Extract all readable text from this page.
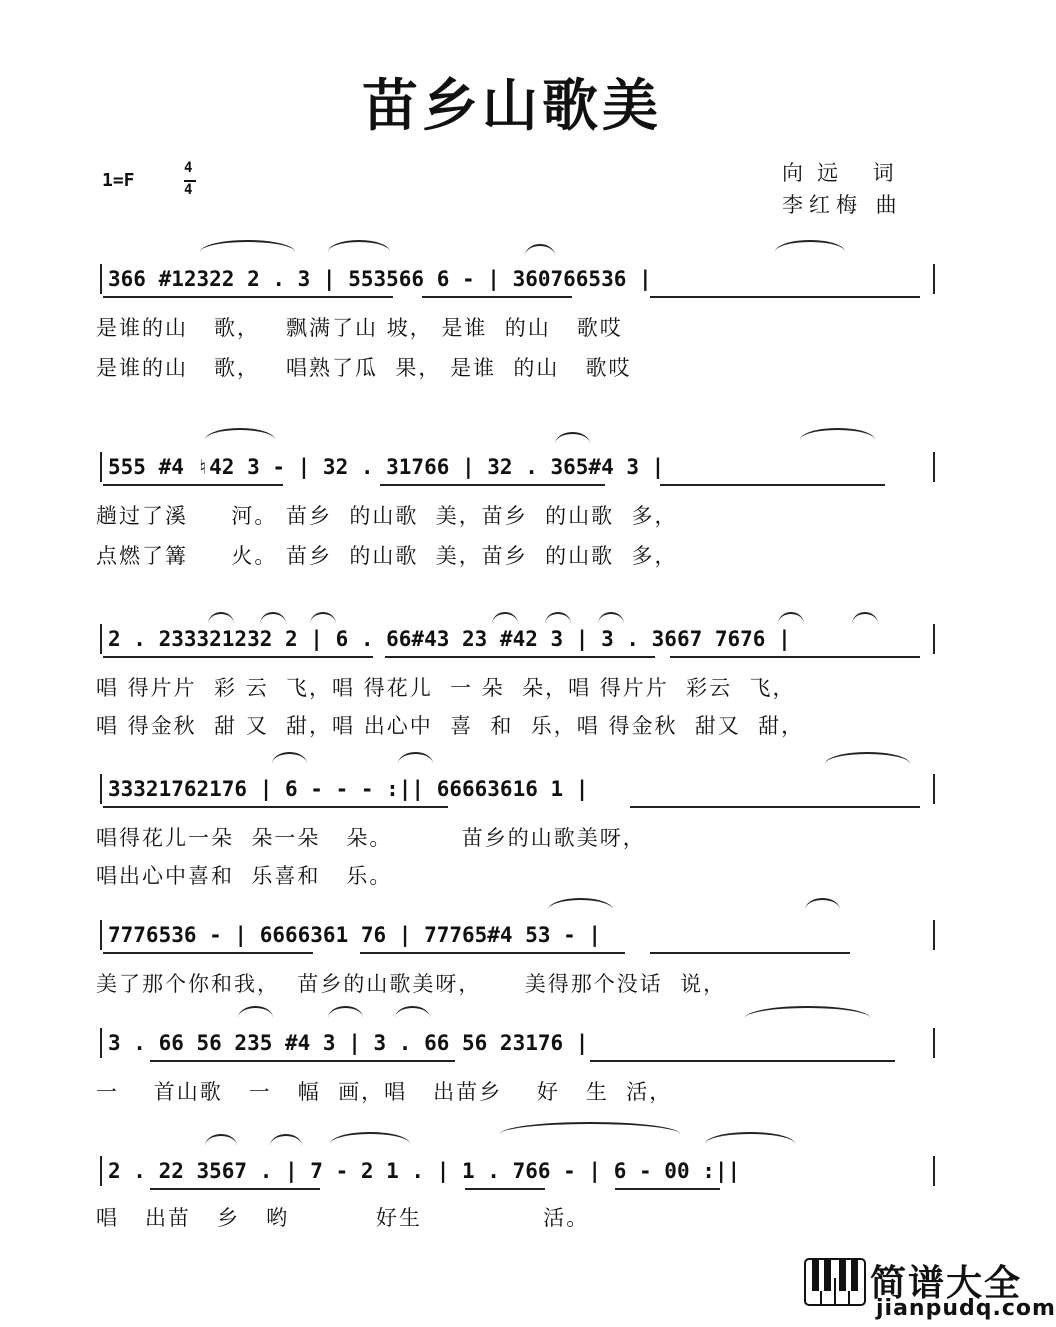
苗乡山歌美
1=F
4
4
向远 词
李红梅 曲
366 #12322 2 . 3 | 553566 6 - | 360766536 |
是谁的山   歌，   飘满了山 坡， 是谁  的山   歌哎
是谁的山   歌，   唱熟了瓜  果， 是谁  的山   歌哎
555 #4 ♮42 3 - | 32 . 31766 | 32 . 365#4 3 |
趟过了溪     河。 苗乡  的山歌  美，苗乡  的山歌  多，
点燃了篝     火。 苗乡  的山歌  美，苗乡  的山歌  多，
2 . 233321232 2 | 6 . 66#43 23 #42 3 | 3 . 3667 7676 |
唱 得片片  彩 云  飞，唱 得花儿  一 朵  朵，唱 得片片  彩云  飞，
唱 得金秋  甜 又  甜，唱 出心中  喜  和  乐，唱 得金秋  甜又  甜，
33321762176 | 6 - - - :|| 66663616 1 |
唱得花儿一朵  朵一朵   朵。        苗乡的山歌美呀，
唱出心中喜和  乐喜和   乐。
7776536 - | 6666361 76 | 77765#4 53 - |
美了那个你和我，  苗乡的山歌美呀，     美得那个没话  说，
3 . 66 56 235 #4 3 | 3 . 66 56 23176 |
一    首山歌   一   幅  画，唱   出苗乡    好   生  活，
2 . 22 3567 . | 7 - 2 1 . | 1 . 766 - | 6 - 00 :||
唱   出苗   乡   哟          好生              活。
简谱大全
jianpudq.com
